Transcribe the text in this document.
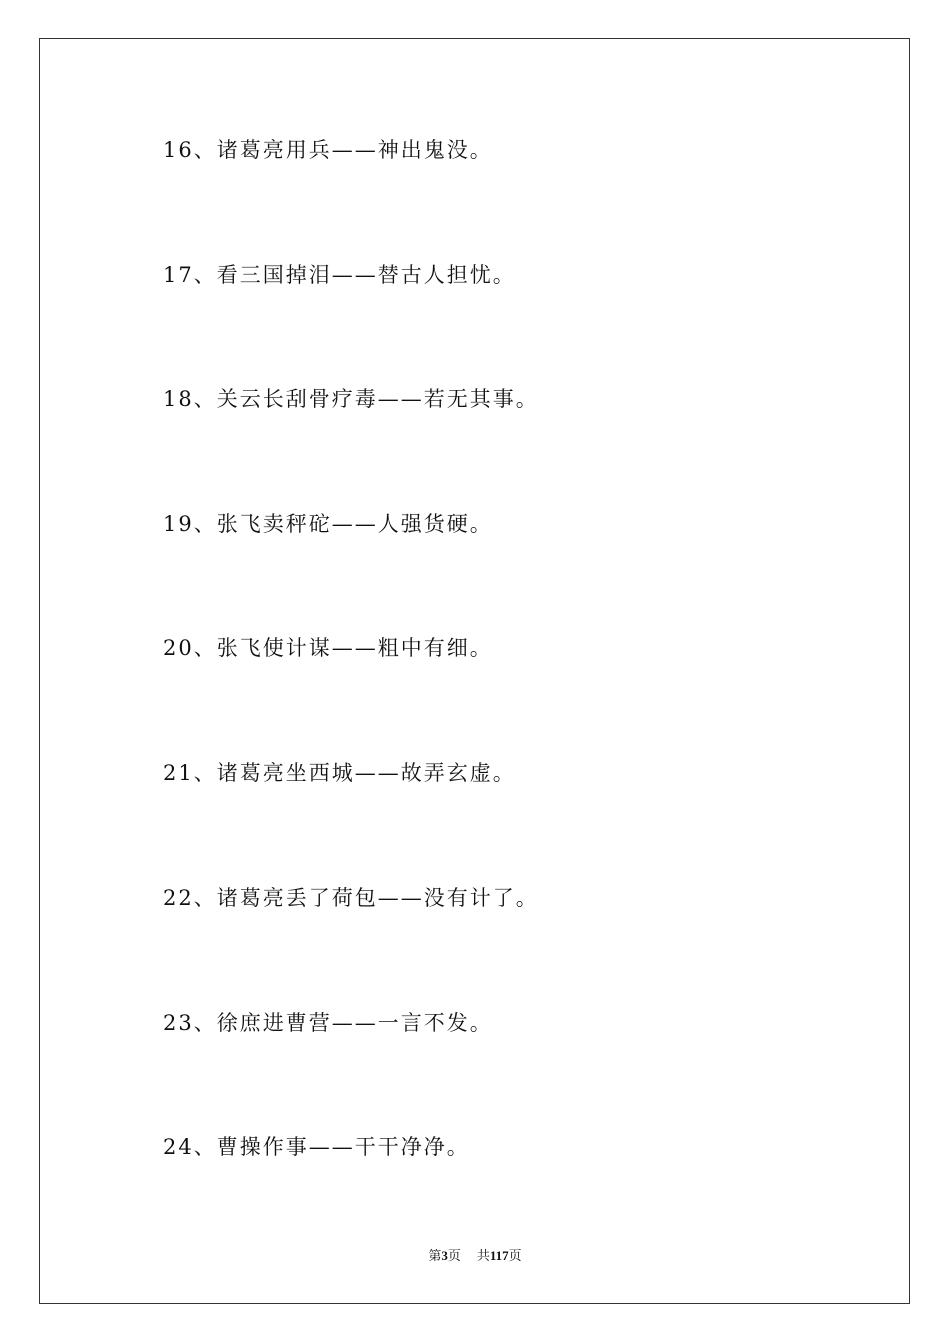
16、诸葛亮用兵——神出鬼没。
17、看三国掉泪——替古人担忧。
18、关云长刮骨疗毒——若无其事。
19、张飞卖秤砣——人强货硬。
20、张飞使计谋——粗中有细。
21、诸葛亮坐西城——故弄玄虚。
22、诸葛亮丢了荷包——没有计了。
23、徐庶进曹营——一言不发。
24、曹操作事——干干净净。
第3页 共117页
